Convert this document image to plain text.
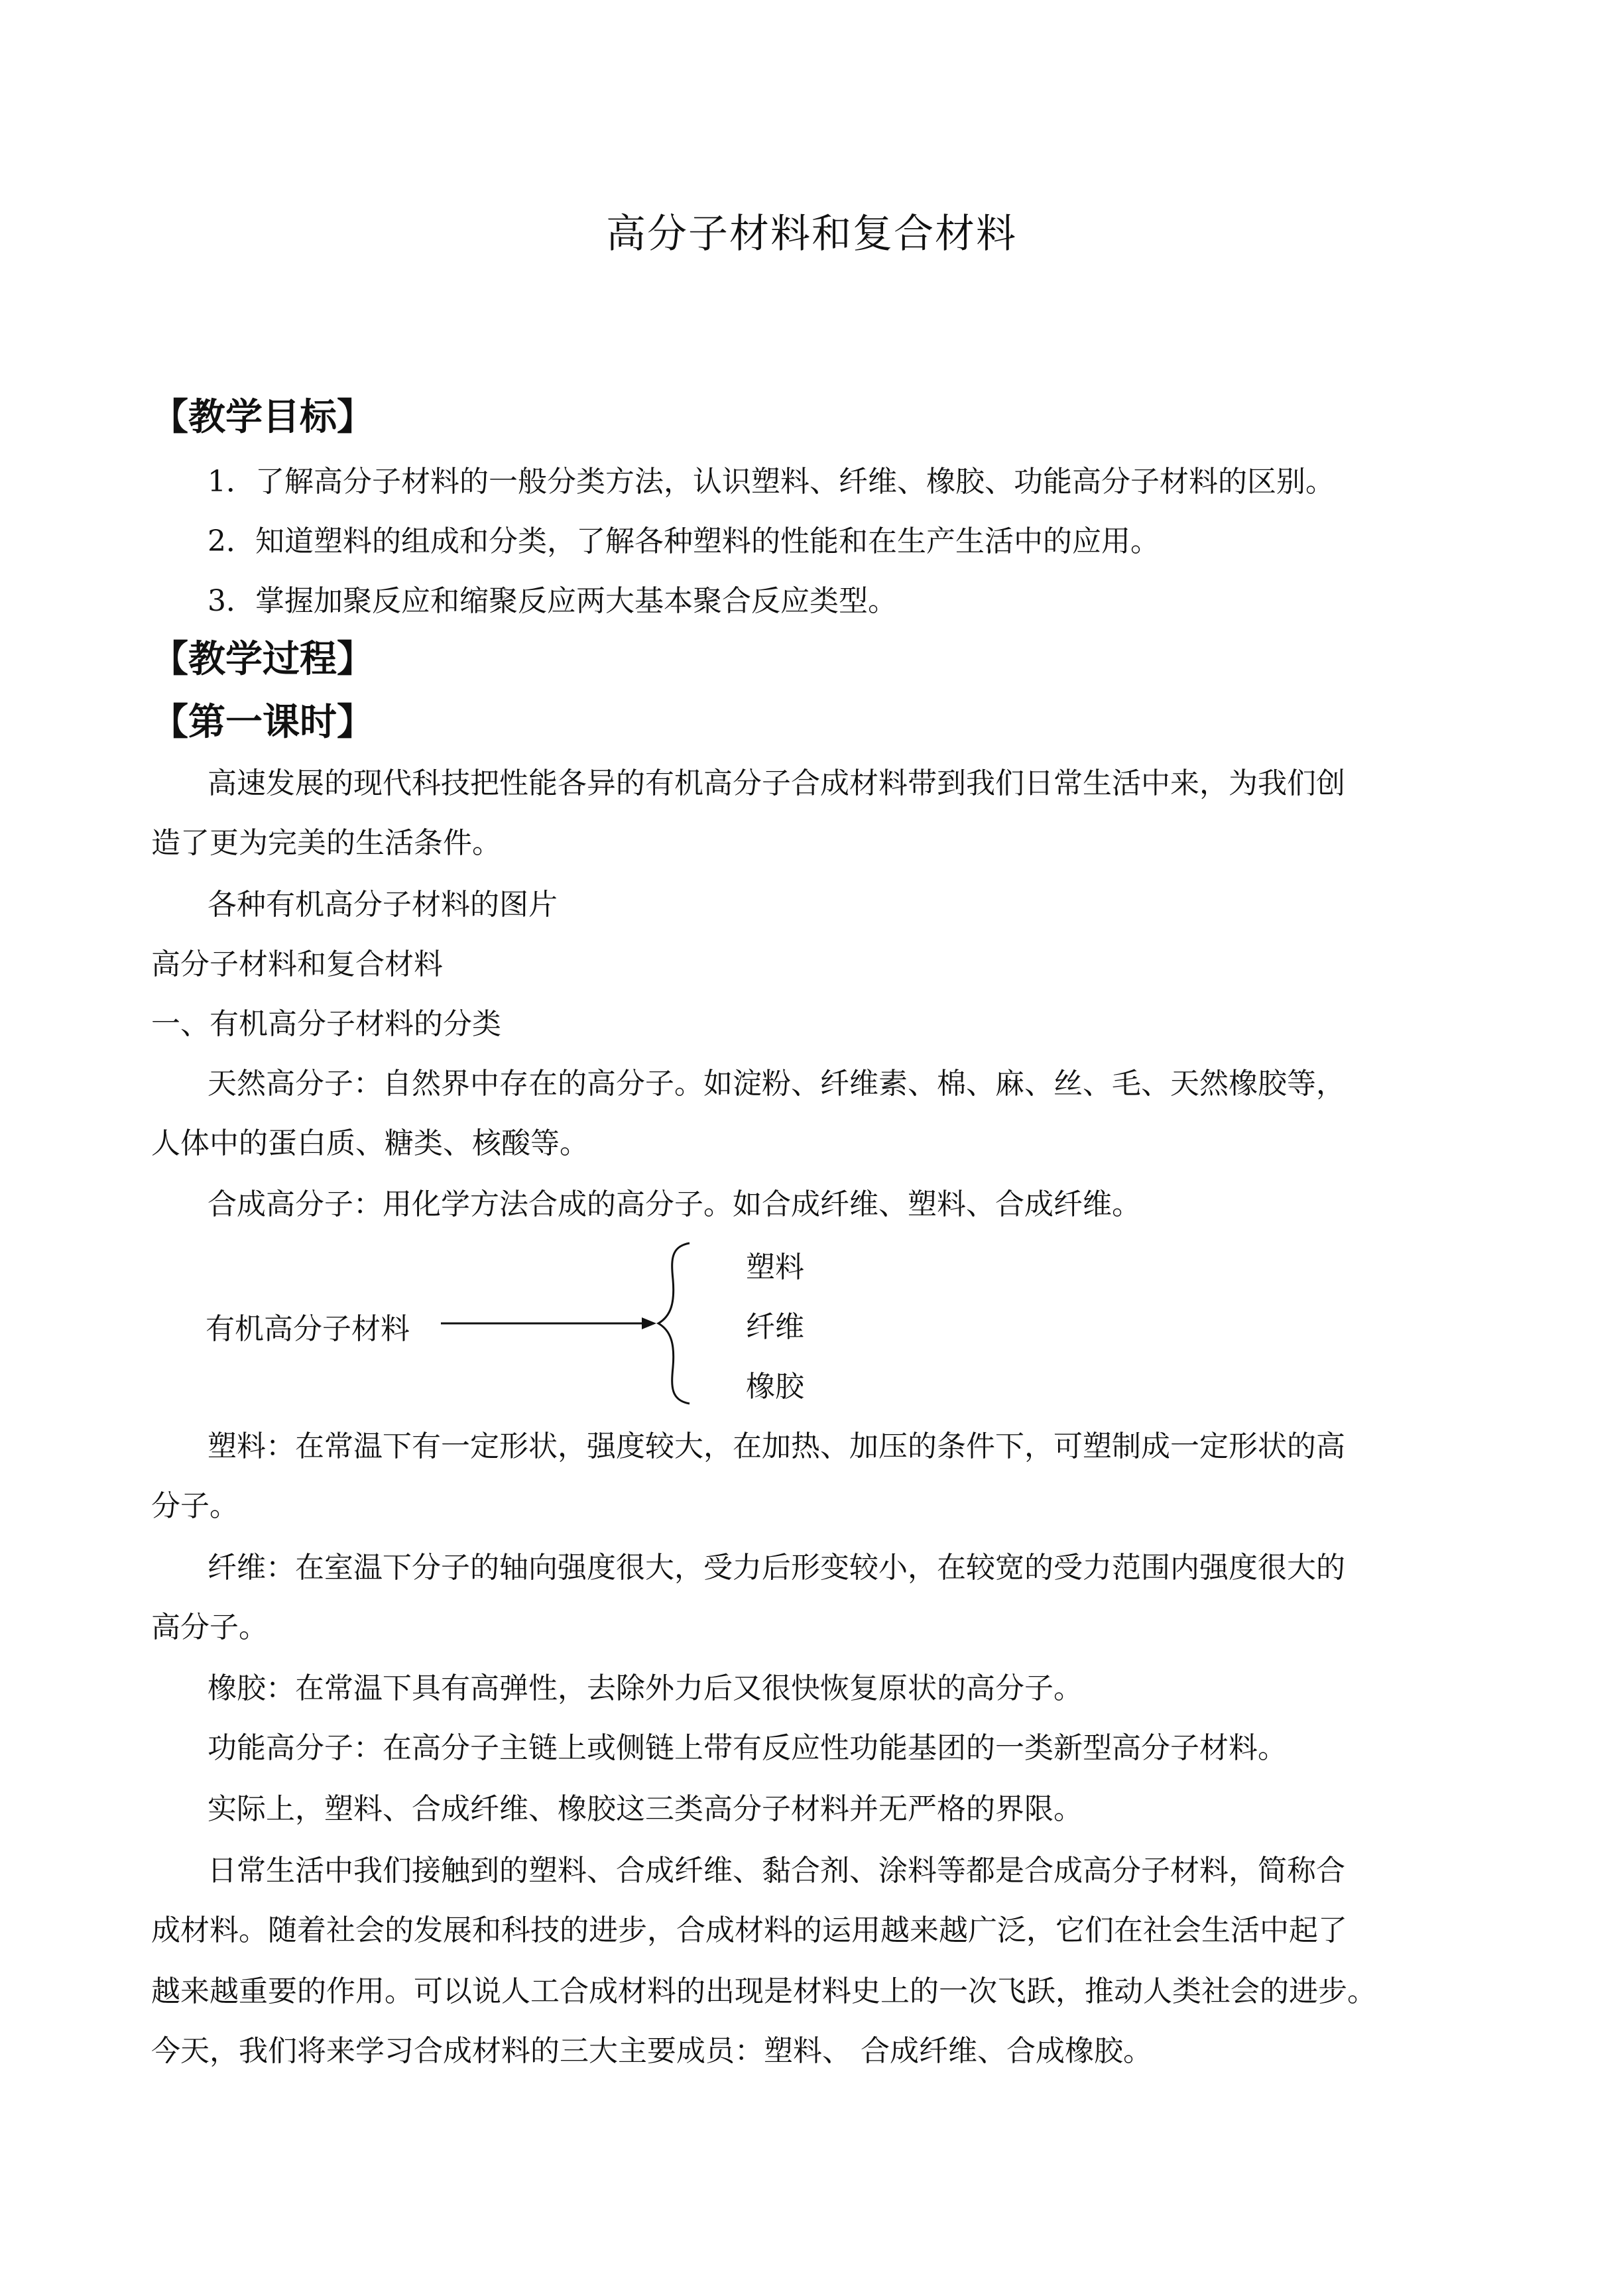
高分子材料和复合材料
【教学目标】
1．了解高分子材料的一般分类方法，认识塑料、纤维、橡胶、功能高分子材料的区别。
2．知道塑料的组成和分类，了解各种塑料的性能和在生产生活中的应用。
3．掌握加聚反应和缩聚反应两大基本聚合反应类型。
【教学过程】
【第一课时】
高速发展的现代科技把性能各异的有机高分子合成材料带到我们日常生活中来，为我们创
造了更为完美的生活条件。
各种有机高分子材料的图片
高分子材料和复合材料
一、有机高分子材料的分类
天然高分子：自然界中存在的高分子。如淀粉、纤维素、棉、麻、丝、毛、天然橡胶等，
人体中的蛋白质、糖类、核酸等。
合成高分子：用化学方法合成的高分子。如合成纤维、塑料、合成纤维。
有机高分子材料
塑料
纤维
橡胶
塑料：在常温下有一定形状，强度较大，在加热、加压的条件下，可塑制成一定形状的高
分子。
纤维：在室温下分子的轴向强度很大，受力后形变较小，在较宽的受力范围内强度很大的
高分子。
橡胶：在常温下具有高弹性，去除外力后又很快恢复原状的高分子。
功能高分子：在高分子主链上或侧链上带有反应性功能基团的一类新型高分子材料。
实际上，塑料、合成纤维、橡胶这三类高分子材料并无严格的界限。
日常生活中我们接触到的塑料、合成纤维、黏合剂、涂料等都是合成高分子材料，简称合
成材料。随着社会的发展和科技的进步，合成材料的运用越来越广泛，它们在社会生活中起了
越来越重要的作用。可以说人工合成材料的出现是材料史上的一次飞跃，推动人类社会的进步。
今天，我们将来学习合成材料的三大主要成员：塑料、 合成纤维、合成橡胶。
